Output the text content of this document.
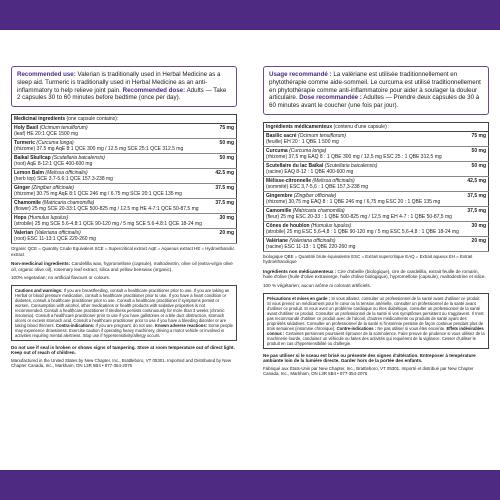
Recommended use: Valerian is traditionally used in Herbal Medicine as a sleep aid. Turmeric is traditionally used in Herbal Medicine as an anti-inflammatory to help relieve joint pain. Recommended dose: Adults — Take 2 capsules 30 to 60 minutes before bedtime (once per day).
Medicinal ingredients (one capsule contains):	
Holy Basil (Ocimum tenuiflorum)
(leaf) HE 20:1 QCE 1500 mg	75 mg
Turmeric (Curcuma longa)
(rhizome) 37.5 mg AqE 8:1 QCE 300 mg / 12.5 mg SCE 25:1 QCE 312.5 mg	50 mg
Baikal Skullcap (Scutellaria baicalensis)
(root) AqE 8-12:1 QCE 400-600 mg	50 mg
Lemon Balm (Melissa officinalis)
(herb top) SCE 3.7-5.6:1 QCE 157.3-238 mg	42.5 mg
Ginger (Zingiber officinale)
(rhizome) 30.75 mg AqE 8:1 QCE 246 mg / 6.75 mg SCE 20:1 QCE 135 mg	37.5 mg
Chamomile (Matricaria chamomilla)
(flower) 25 mg SCE 20-33:1 QCE 500-825 mg / 12.5 mg HE 4-7:1 QCE 50-87.5 mg	37.5 mg
Hops (Humulus lupulus)
(strobile) 25 mg SCE 5.6-4.8:1 QCE 90-120 mg / 5 mg SCE 5.6-4.8:1 QCE 18-24 mg	30 mg
Valerian (Valeriana officinalis)
(root) ESC 11-13:1 QCE 220-260 mg	20 mg
Organic QCE = Quantity Crude Equivalent SCE = Supercritical extract AqE = Aqueous extract HE = Hydroethanolic extract
Non-medicinal ingredients: Candelilla wax, hypromellose (capsule), maltodextrin, olive oil (extra-virgin olive oil, organic olive oil), rosemary leaf extract, silica and yellow beeswax (organic).
100% vegetarian; no artificial flavours or colours.
Cautions and warnings: If you are breastfeeding, consult a healthcare practitioner prior to use. If you are taking an Herbal or blood pressure medication, consult a healthcare practitioner prior to use. If you have a heart condition or diabetes, consult a healthcare practitioner prior to use. Consult a healthcare practitioner if symptoms persist or worsen. Consumption with alcohol, other medications or health products with sedative properties is not recommended. Consult a healthcare practitioner if tiredness persists continuously for more than 3 weeks (chronic insomnia). Consult a healthcare practitioner prior to use if you have gallstones or a bile duct obstruction, stomach ulcers or excess stomach acid. Consult a healthcare practitioner prior to use if you have a bleeding disorder or are taking blood thinners. Contra-indications: If you are pregnant, do not use. Known adverse reactions: Some people may experience drowsiness. Exercise caution if operating heavy machinery, driving a motor vehicle or involved in activities requiring mental alertness. Stop use if hypersensitivity/allergy occurs.
Do not use if seal is broken or shows signs of tampering. Store at room temperature out of direct light. Keep out of reach of children.
Manufactured in the United States by New Chapter, Inc., Brattleboro, VT 05301. Imported and Distributed by New Chapter Canada, Inc., Markham, ON L3R 5B4 • 877-354-2076
Usage recommandé : La valériane est utilisée traditionnellement en phytothérapie comme aide-sommeil. Le curcuma est utilisé traditionnellement en phytothérapie comme anti-inflammatoire pour aider à soulager la douleur articulaire. Dose recommandée : Adultes — Prendre deux capsules de 30 à 60 minutes avant le coucher (une fois par jour).
Ingrédients médicamenteux (contenu d'une capsule) :	
Basilic sacré (Ocimum tenuiflorum)
(feuille) EH 20 : 1 QBE 1 500 mg	75 mg
Curcuma (Curcuma longa)
(rhizome) 37,5 mg EAQ 8 : 1 QBE 300 mg / 12,5 mg ESC 25 : 1 QBE 312,5 mg	50 mg
Scutellaire du lac Baïkal (Scutellaria baicalensis)
(racine) EAQ 8-12 : 1 QBE 400-600 mg	50 mg
Mélisse-citronnelle (Melissa officinalis)
(sommité) ESC 3,7-5,6 : 1 QBE 157,3-238 mg	42,5 mg
Gingembre (Zingiber officinale)
(rhizome) 30,75 mg EAQ 8 : 1 QBE 246 mg / 6,75 mg ESC 20 : 1 QBE 135 mg	37,5 mg
Camomille (Matricaria chamomilla)
(fleur) 25 mg ESC 20-33 : 1 QBE 500-825 mg / 12,5 mg EH 4-7 : 1 QBE 50-87,5 mg	37,5 mg
Cônes de houblon (Humulus lupulus)
(strobile) 25 mg ESC 5,6-4,8 : 1 QBE 90-120 mg / 5 mg ESC 5,6-4,8 : 1 QBE 18-24 mg	30 mg
Valériane (Valeriana officinalis)
(racine) ESC 11-13 : 1 QBE 220-260 mg	20 mg
biologique QBE = Quantité brute équivalente ESC = Extrait supercritique EAQ = Extrait aqueux EH = Extrait hydroéthanolique
Ingrédients non médicamenteux : Cire d'abeille (biologique), cire de candelilla, extrait feuille de romarin, huile d'olive (huile d'olive extravierge, huile d'olive biologique), hypromellose (capsule), maltodextrine et silice.
100 % végétarien; aucun arôme ni colorant artificiels.
Précautions et mises en garde : Si vous allaitez, consulter un professionnel de la santé avant d'utiliser ce produit. Si vous prenez un médicament pour le cœur ou la tension artérielle, consulter un professionnel de la santé avant d'utiliser ce produit. Si vous avez un problème cardiaque ou êtes diabétique, consulter un professionnel de la santé avant d'utiliser ce produit. Consulter un professionnel de la santé si vos symptômes persistent ou s'aggravent. Il n'est pas recommandé d'utiliser ce produit avec de l'alcool, d'autres médicaments ou produits de santé ayant des propriétés sédatives. Consulter un professionnel de la santé si l'insomnie persiste de façon continue pendant plus de trois semaines (insomnie chronique). Contre-indications : Ne pas utiliser si vous êtes enceinte. Effets indésirables connus : Certaines personnes pourraient éprouver de la somnolence. Faire preuve de prudence si vous utilisez de la machinerie lourde, conduisez un véhicule ou faites des activités qui requièrent de la vigilance. Cesser d'utiliser le produit en cas d'hypersensibilité ou d'allergie.
Ne pas utiliser si le sceau est brisé ou présente des signes d'altération. Entreposer à température ambiante loin de la lumière directe. Garder hors de la portée des enfants.
Fabriqué aux États-Unis par New Chapter, Inc., Brattleboro, VT 05301. Importé et distribué par New Chapter Canada, Inc., Markham, ON L3R 5B4 • 877-354-2076
